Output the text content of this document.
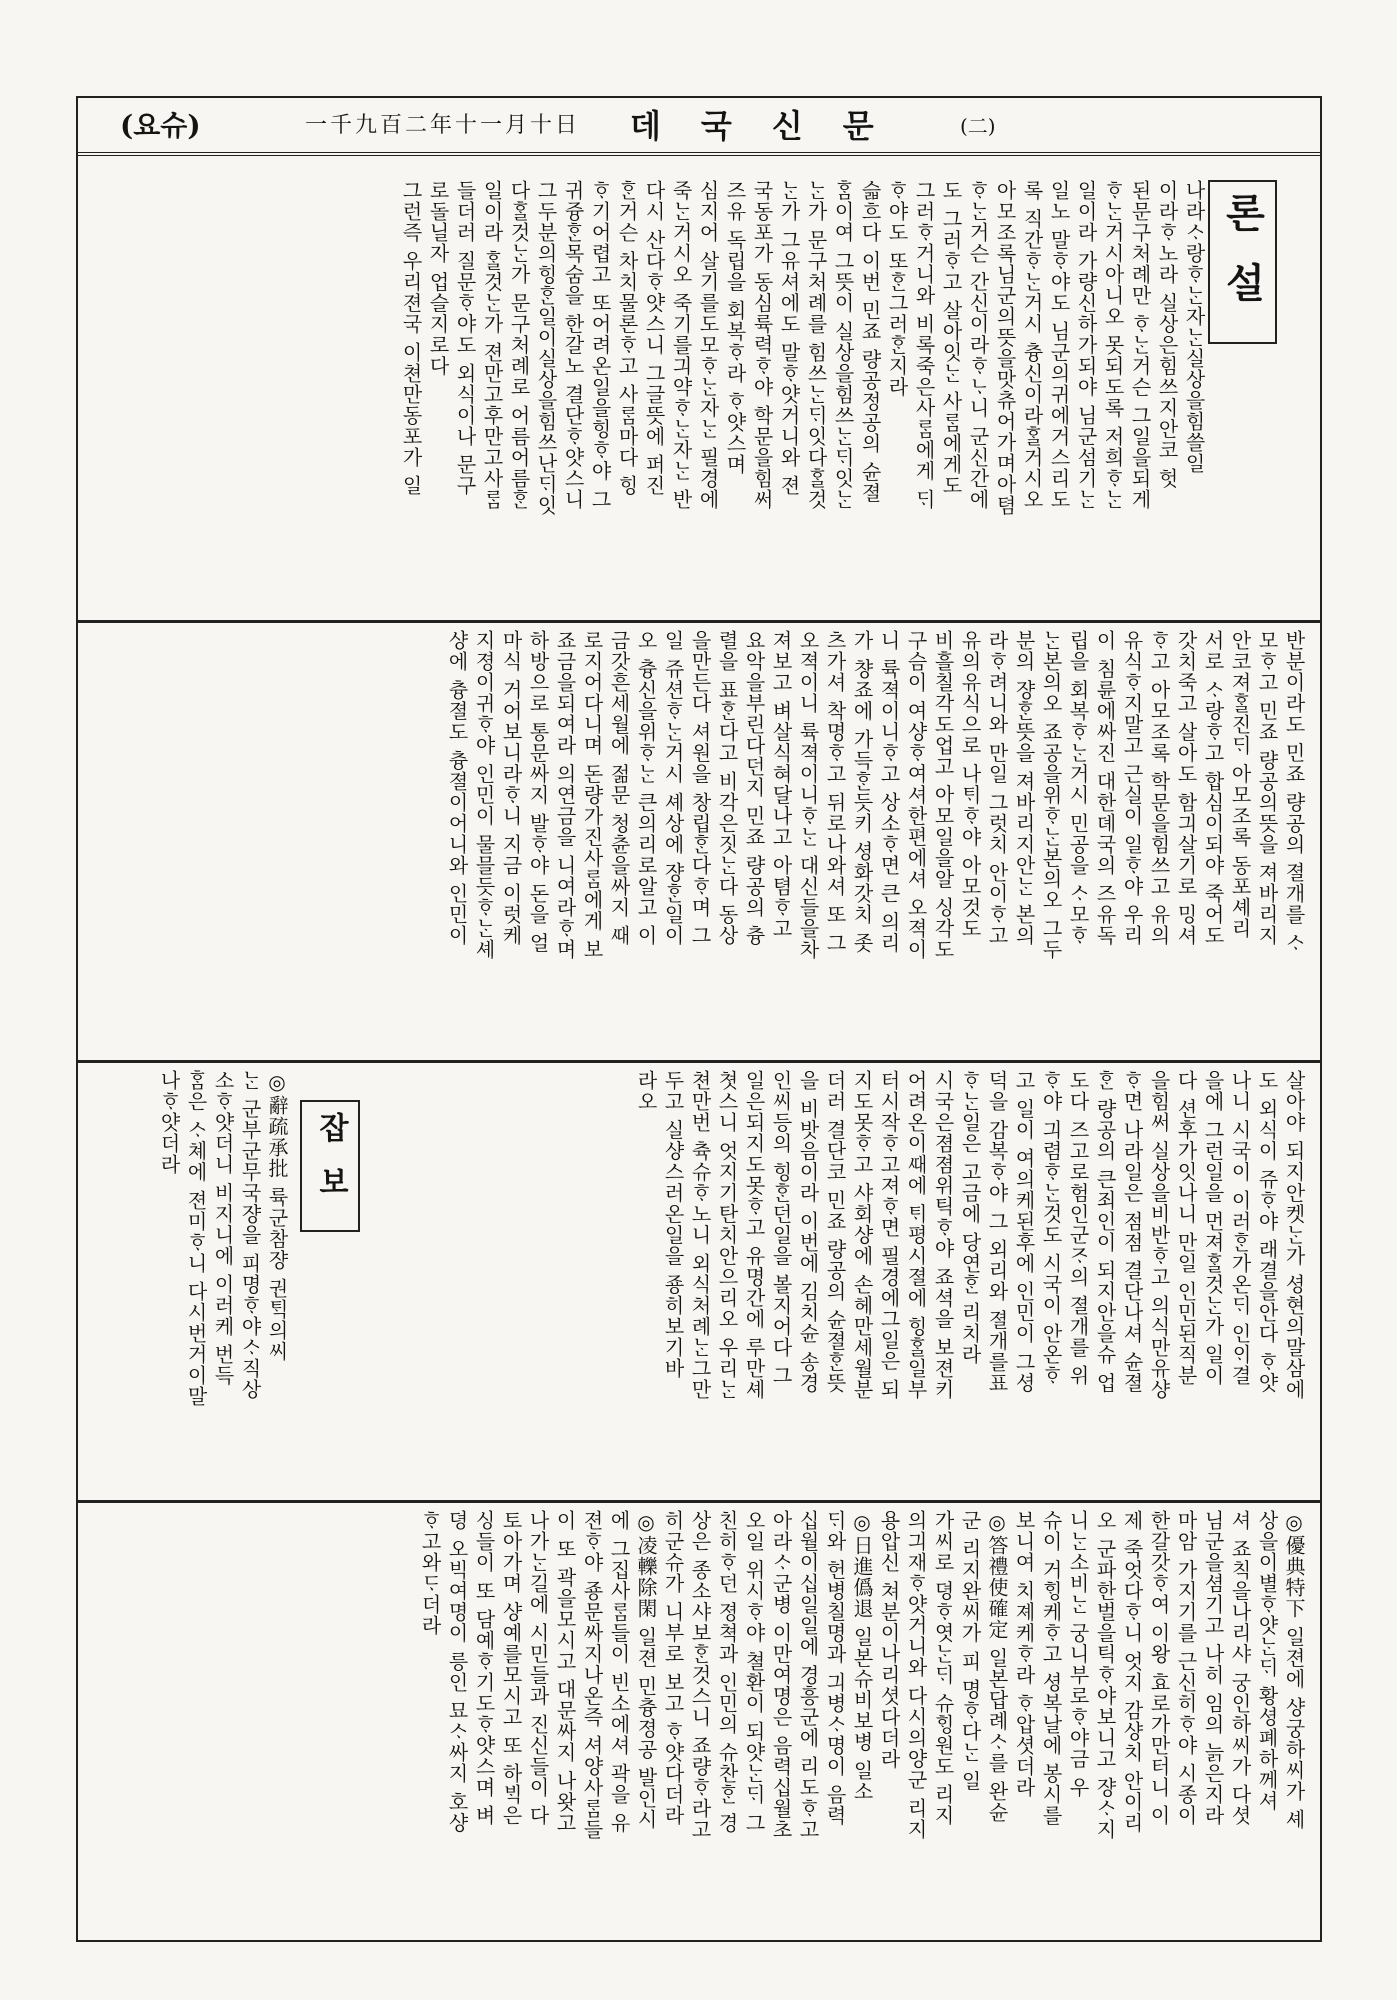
(요슈)	一千九百二年十一月十日 데국신문 (二)
론설

나라ᄉᆞ랑ᄒᆞᄂᆞᆫ자ᄂᆞᆫ실상을힘쓸일

이라ᄒᆞ노라 실상은힘쓰지안코 헛

된문구처례만 ᄒᆞᄂᆞᆫ거슨 그일을되게

ᄒᆞᄂᆞᆫ거시아니오 못되도록 저희ᄒᆞᄂᆞᆫ

일이라 가량신하가되야 님군섬기ᄂᆞᆫ

일노 말ᄒᆞ야도 님군의귀에거스리도

록 직간ᄒᆞᄂᆞᆫ거시 츙신이라ᄒᆞᆯ거시오

아모조록님군의뜻을맛츄어가며아텸

ᄒᆞᄂᆞᆫ거슨 간신이라ᄒᆞᄂᆞ니 군신간에

도 그러ᄒᆞ고 살아잇ᄂᆞᆫ 사ᄅᆞᆷ에게도

그러ᄒᆞ거니와 비록죽은사ᄅᆞᆷ에게 ᄃᆡ

ᄒᆞ야도 또ᄒᆞᆫ그러ᄒᆞᆫ지라

슯흐다 이번 민죠 량공정공의 슌졀

ᄒᆞᆷ이여 그뜻이 실상을힘쓰ᄂᆞᆫᄃᆡ잇ᄂᆞᆫ

ᄂᆞᆫ가 문구처례를 힘쓰ᄂᆞᆫᄃᆡ잇다ᄒᆞᆯ것

ᄂᆞᆫ가 그유셔에도 말ᄒᆞ얏거니와 젼

국동포가 동심륙력ᄒᆞ야 학문을힘써

즈유 독립을 회복ᄒᆞ라 ᄒᆞ얏스며

심지어 살기를도모ᄒᆞᄂᆞᆫ자ᄂᆞᆫ 필경에

죽ᄂᆞᆫ거시오 죽기를긔약ᄒᆞᄂᆞᆫ자ᄂᆞᆫ 반

다시 산다ᄒᆞ얏스니 그글뜻에 퍼진

ᄒᆞᆫ거슨 차치물론ᄒᆞ고 사ᄅᆞᆷ마다 힝

ᄒᆞ기어렵고 또어려온일을힝ᄒᆞ야 그

귀즁ᄒᆞᆫ목숨을 한갈노 결단ᄒᆞ얏스니

그두분의힝ᄒᆞᆫ일이실상을힘쓰난ᄃᆡ잇

다ᄒᆞᆯ것ᄂᆞᆫ가 문구처례로 어름어름ᄒᆞᆫ

일이라 ᄒᆞᆯ것ᄂᆞᆫ가 젼만고후만고사ᄅᆞᆷ

들더러 질문ᄒᆞ야도 외식이나 문구

로돌닐자 업슬지로다

그런즉 우리젼국 이쳔만동포가 일

반분이라도 민죠 량공의 졀개를 ᄉᆞ

모ᄒᆞ고 민죠 량공의뜻을 져바리지

안코져ᄒᆞᆯ진ᄃᆡ 아모조록 동포셰리

서로 ᄉᆞ랑ᄒᆞ고 합심이되야 죽어도

갓치죽고 살아도 함긔살기로 밍셔

ᄒᆞ고 아모조록 학문을힘쓰고 유의

유식ᄒᆞ지말고 근실이 일ᄒᆞ야 우리

이 침륜에싸진 대한뎨국의 즈유독

립을 회복ᄒᆞᄂᆞᆫ거시 민공을 ᄉᆞ모ᄒᆞ

ᄂᆞᆫ본의오 죠공을위ᄒᆞᄂᆞᆫ본의오 그두

분의 쟝ᄒᆞᆫ뜻을 져바리지안ᄂᆞᆫ 본의

라ᄒᆞ려니와 만일 그럿치 안이ᄒᆞ고

유의유식으로 나ᄐᆡᄒᆞ야 아모것도

비흘칠각도업고 아모일을알 싱각도

구슴이 여샹ᄒᆞ여셔한편에셔 오젹이

니 륙젹이니ᄒᆞ고 상소ᄒᆞ면 큰 의리

가 챵죠에 가득ᄒᆞᆫ듯키 셩화갓치 좃

츠가셔 착명ᄒᆞ고 뒤로나와셔 또 그

오젹이니 륙젹이니ᄒᆞᄂᆞᆫ 대신들을차

져보고 벼살식혀달나고 아텸ᄒᆞ고

요악을부린다던지 민죠 량공의 츙

렬을 표ᄒᆞᆫ다고 비각은짓ᄂᆞᆫ다 동상

을만든다 셔원을 창립ᄒᆞᆫ다ᄒᆞ며 그

일 쥬션ᄒᆞᄂᆞᆫ거시 셰상에 쟝ᄒᆞᆫ일이

오 츙신을위ᄒᆞᄂᆞᆫ 큰의리로알고 이

금갓흔세월에 젊문 청츈을싸지 ᄯᅢ

로지어다니며 돈량가진사ᄅᆞᆷ에게 보

죠금을되여라 의연금을 니여라ᄒᆞ며

하방으로 통문싸지 발ᄒᆞ야 돈을 얼

마식 거어보니라ᄒᆞ니 지금 이럿케

지졍이귀ᄒᆞ야 인민이 물믈듯ᄒᆞᄂᆞᆫ셰

샹에 츙졀도 츙졀이어니와 인민이

살아야 되지안켓ᄂᆞᆫ가 셩현의말삼에

도 외식이 쥬ᄒᆞ야 래결을안다 ᄒᆞ얏

나니 시국이 이러ᄒᆞᆫ가온ᄃᆡ 인ᄋᆡ결

을에 그런일을 먼져ᄒᆞᆯ것ᄂᆞᆫ가 일이

다 션후가잇나니 만일 인민된직분

을힘써 실상을비반ᄒᆞ고 의식만유샹

ᄒᆞ면 나라일은 점점 결단나셔 슌졀

ᄒᆞᆫ 량공의 큰죄인이 되지안을슈 업

도다 즈고로험인군ᄌᆞ의 졀개를 위

ᄒᆞ야 긔렴ᄒᆞᄂᆞᆫ것도 시국이 안온ᄒᆞ

고 일이 여의케된후에 인민이 그셩

덕을 감복ᄒᆞ야 그 외리와 졀개를표

ᄒᆞᄂᆞᆫ일은 고금에 당연ᄒᆞᆫ 리치라

시국은졈졈위틱ᄒᆞ야 죠셕을 보젼키

어려온이ᄯᅢ에 ᄐᆡ평시졀에 힝ᄒᆞᆯ일부

터시작ᄒᆞ고져ᄒᆞ면 필경에그일은 되

지도못ᄒᆞ고 샤회샹에 손헤만세월분

더러 결단코 민죠 량공의 슌졀ᄒᆞᆫ뜻

을 비밧음이라 이번에 김치슌 송경

인씨등의 힝ᄒᆞᆫ던일을 볼지어다 그

일은되지도못ᄒᆞ고 유명간에 루만셰

쳣스니 엇지기탄치안으리오 우리ᄂᆞᆫ

쳔만번 츅슈ᄒᆞ노니 외식처례ᄂᆞᆫ그만

두고 실샹스러온일을 죵히보기바

라오

잡보

◎辭疏承批 륙군참쟝 권ᄐᆡᆨ의씨

ᄂᆞᆫ 군부군무국쟝을 피명ᄒᆞ야ᄉᆞ직상

소ᄒᆞ얏더니 비지니에 이러케 번득

ᄒᆞᆷ은 ᄉᆞ쳬에 젼미ᄒᆞ니 다시번거이말

나ᄒᆞ얏더라

◎優典特下 일젼에 샹궁하씨가 셰

상을이별ᄒᆞ얏ᄂᆞᆫᄃᆡ 황셩폐하께셔

셔 죠칙을나리샤 궁인하씨가 다셧

님군을셤기고 나히 임의 늙은지라

마암 가지기를 근신히ᄒᆞ야 시종이

한갈갓ᄒᆞ여 이왕 효로가만터니 이

제 죽엇다ᄒᆞ니 엇지 감샹치 안이리

오 군파한벌을틱ᄒᆞ야보니고 쟝ᄉᆞ지

니ᄂᆞᆫ소비ᄂᆞᆫ 궁니부로ᄒᆞ야금 우

슈이 거ᄒᆡᆼ케ᄒᆞ고 셩복날에 봉시를

보니여 치졔케ᄒᆞ라 ᄒᆞ압셧더라

◎答禮使確定 일본답례ᄉᆞ를 완슌

군 리지완씨가 피 명ᄒᆞ다ᄂᆞᆫ 일

가씨로 뎡ᄒᆞ엿ᄂᆞᆫᄃᆡ 슈ᄒᆡᆼ원도 리지

의긔재ᄒᆞ얏거니와 다시의양군 리지

용압신 쳐분이나리셧다더라

◎日進僞退 일본슈비보병 일소

ᄃᆡ와 헌병칠명과 긔병ᄉᆞ명이 음력

십월이십일일에 경흥군에 리도ᄒᆞ고

아라ᄉᆞ군병 이만여명은 음력십월초

오일 위시ᄒᆞ야 쳘환이 되얏ᄂᆞᆫᄃᆡ 그

친히ᄒᆞ던 졍쳑과 인민의 슈찬ᄒᆞᆫ 경

상은 종소샤보ᄒᆞᆫ것스니 죠량ᄒᆞ라고

히군슈가 니부로 보고 ᄒᆞ얏다더라

◎凌轢除閑 일젼 민츙졍공 발인시

에 그집사ᄅᆞᆷ들이 빈소에셔 곽을 유

젼ᄒᆞ야 죵문싸지나온즉 셔양사ᄅᆞᆷ들

이 또 곽을모시고 대문싸지 나왓고

나가ᄂᆞᆫ길에 시민들과 진신들이 다

토아가며 샹예를모시고 또 하ᄇᆡᆨ은

싱들이 또 담예ᄒᆞ기도ᄒᆞ얏스며 벼

뎡 오빅여명이 릉인 묘ᄉᆞ싸지 호샹

ᄒᆞ고와ᄃᆞ더라
